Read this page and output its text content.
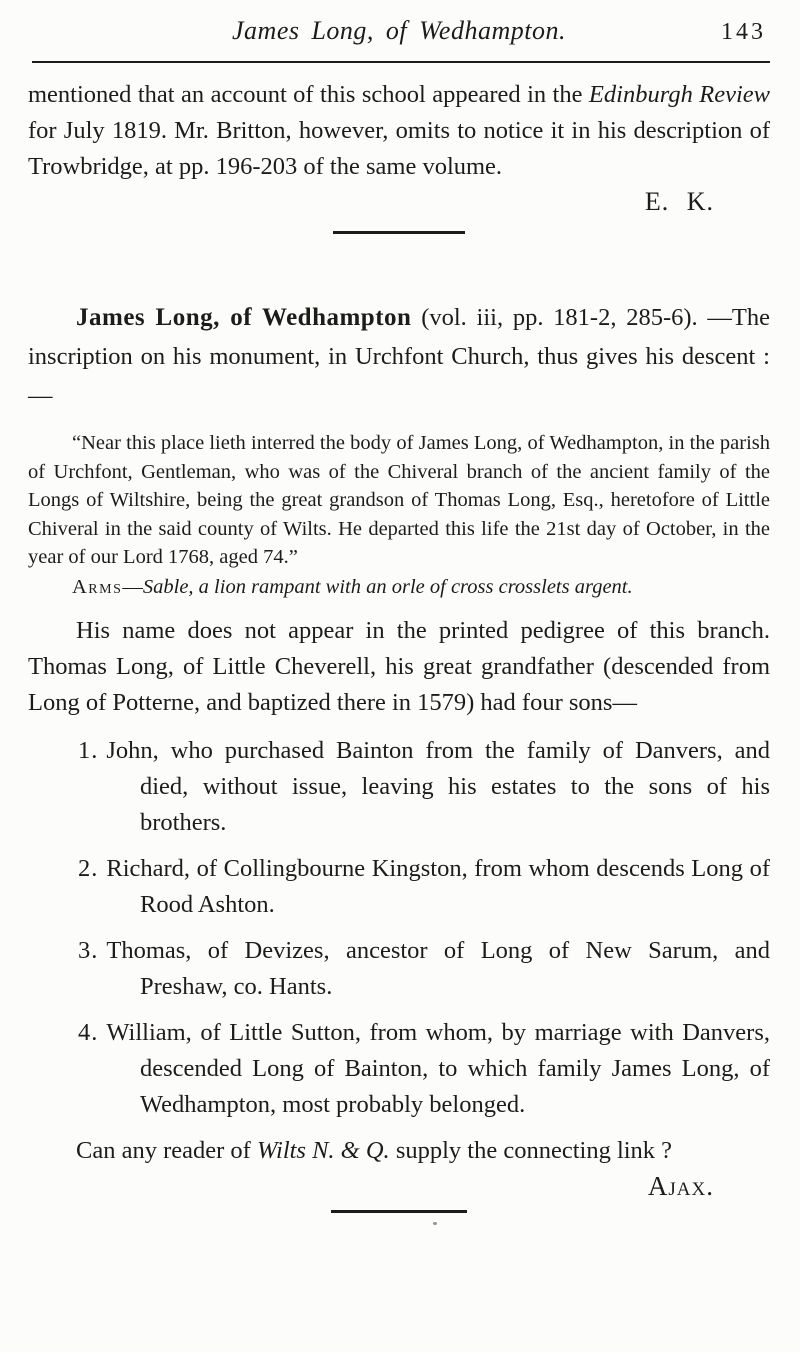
James Long, of Wedhampton.	143

mentioned that an account of this school appeared in the Edinburgh Review for July 1819. Mr. Britton, however, omits to notice it in his description of Trowbridge, at pp. 196-203 of the same volume.

E. K.

James Long, of Wedhampton (vol. iii, pp. 181-2, 285-6). —The inscription on his monument, in Urchfont Church, thus gives his descent :—

“Near this place lieth interred the body of James Long, of Wedhampton, in the parish of Urchfont, Gentleman, who was of the Chiveral branch of the ancient family of the Longs of Wiltshire, being the great grandson of Thomas Long, Esq., heretofore of Little Chiveral in the said county of Wilts. He departed this life the 21st day of October, in the year of our Lord 1768, aged 74.”

Arms—Sable, a lion rampant with an orle of cross crosslets argent.

His name does not appear in the printed pedigree of this branch. Thomas Long, of Little Cheverell, his great grandfather (descended from Long of Potterne, and baptized there in 1579) had four sons—

1. John, who purchased Bainton from the family of Danvers, and died, without issue, leaving his estates to the sons of his brothers.
2. Richard, of Collingbourne Kingston, from whom descends Long of Rood Ashton.
3. Thomas, of Devizes, ancestor of Long of New Sarum, and Preshaw, co. Hants.
4. William, of Little Sutton, from whom, by marriage with Danvers, descended Long of Bainton, to which family James Long, of Wedhampton, most probably belonged.

Can any reader of Wilts N. & Q. supply the connecting link ?

Ajax.
